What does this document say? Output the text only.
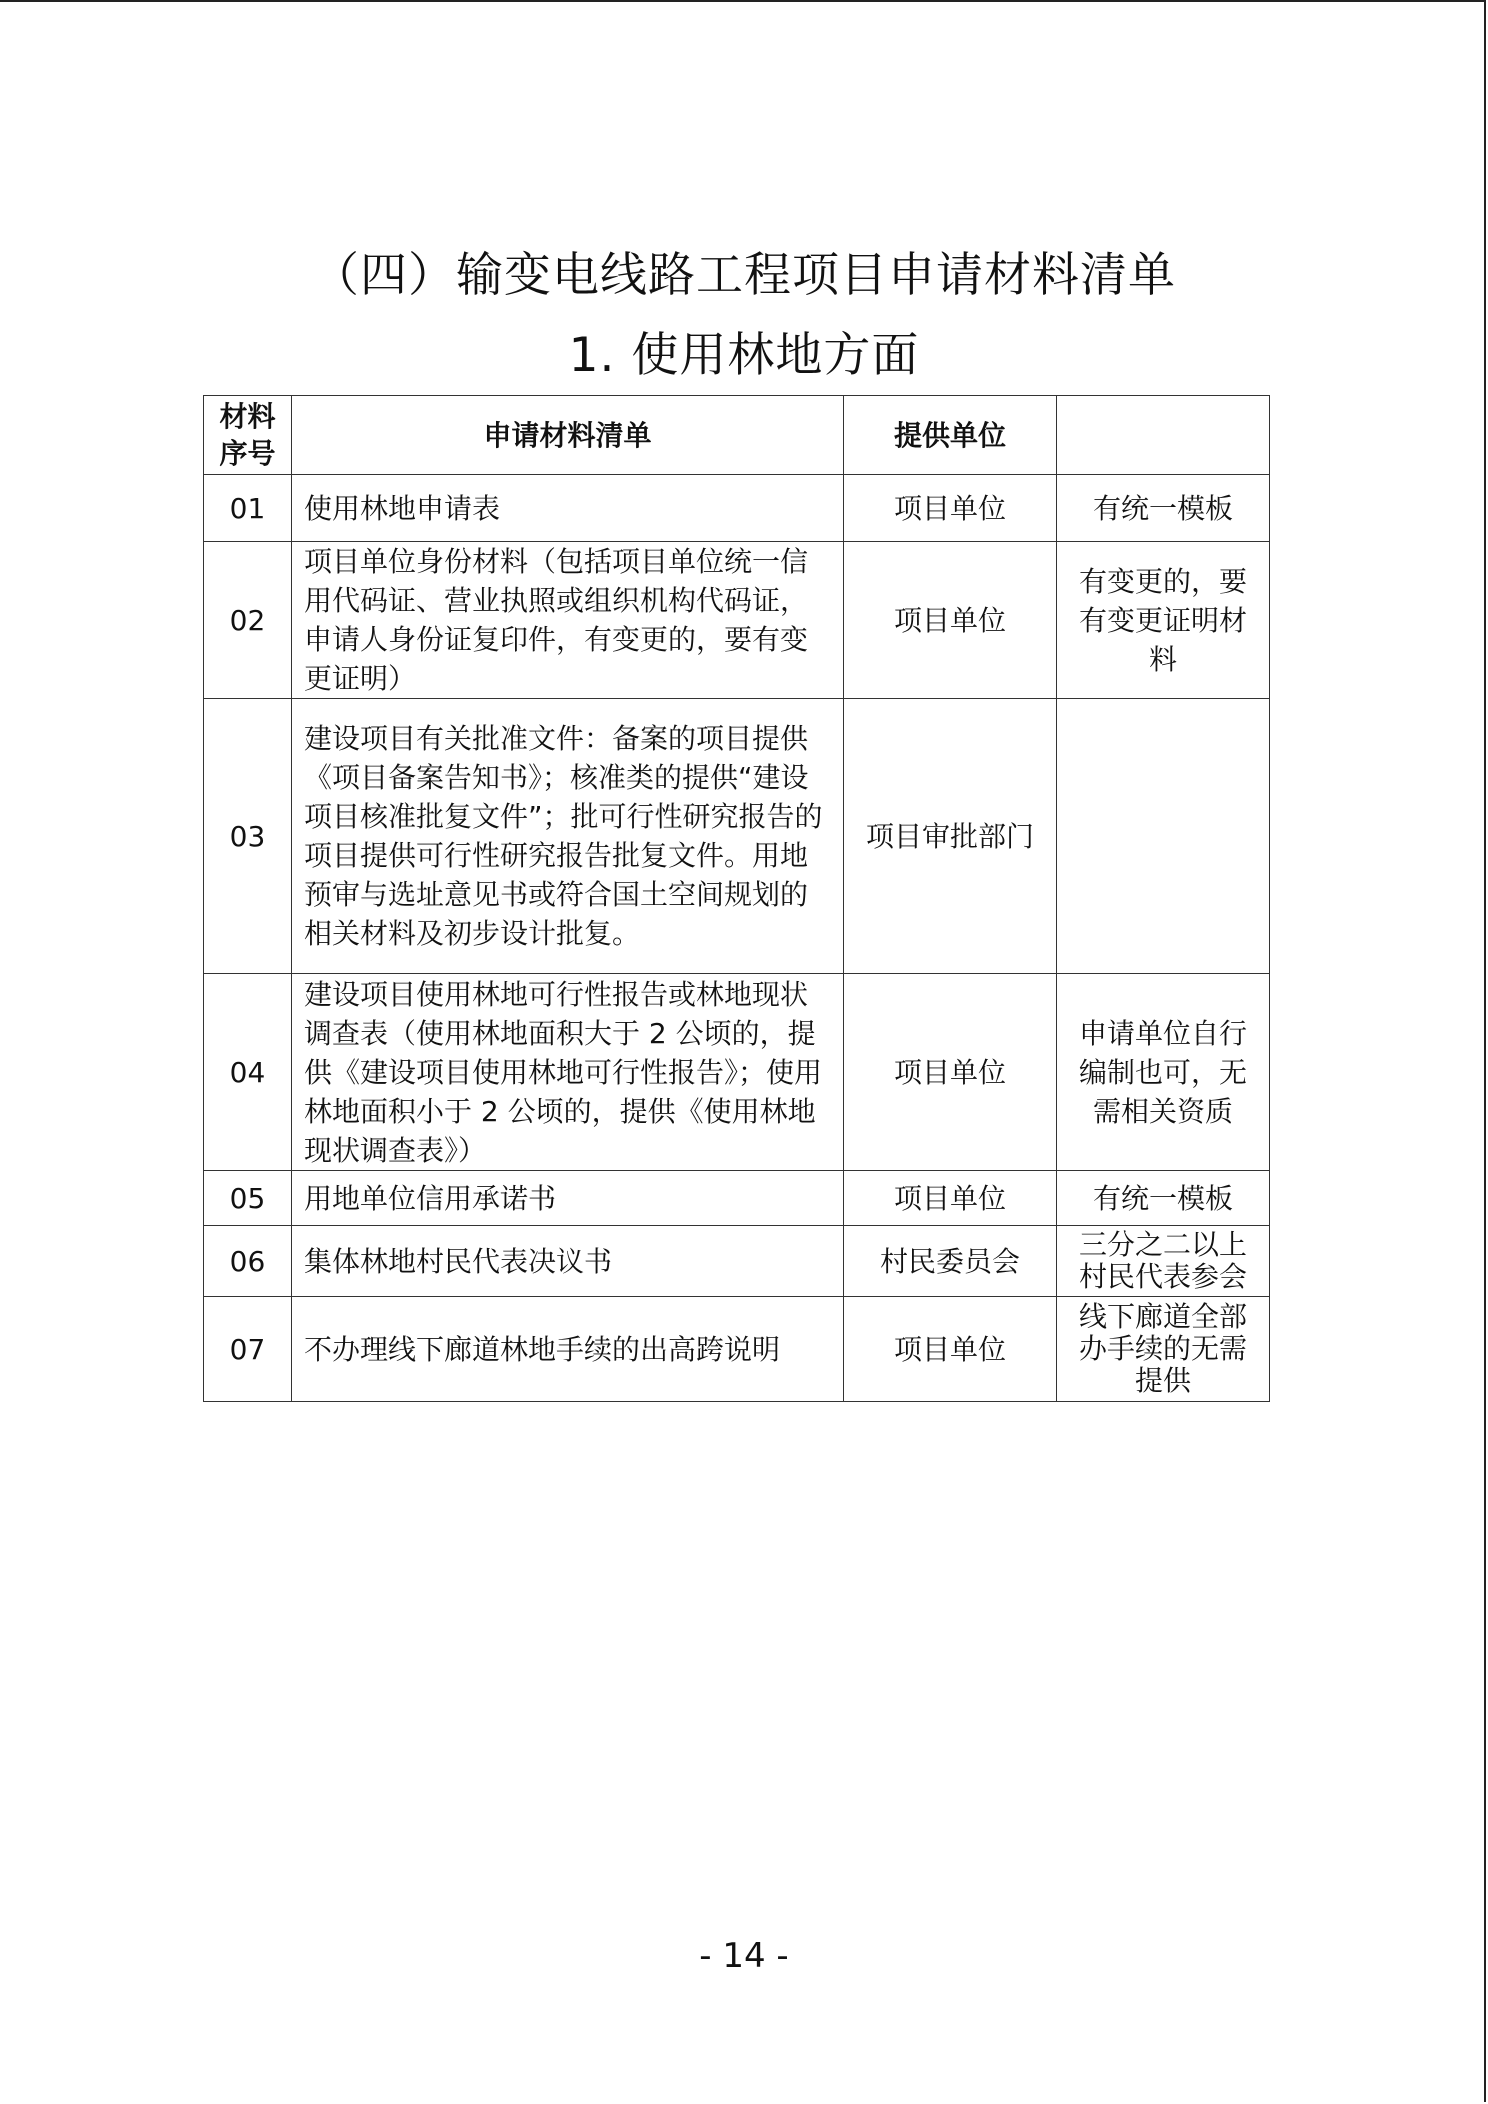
（四）输变电线路工程项目申请材料清单
1. 使用林地方面
材料序号	申请材料清单	提供单位	
01	使用林地申请表	项目单位	有统一模板
02	项目单位身份材料（包括项目单位统一信用代码证、营业执照或组织机构代码证，申请人身份证复印件，有变更的，要有变更证明）	项目单位	有变更的，要有变更证明材料
03	建设项目有关批准文件：备案的项目提供《项目备案告知书》；核准类的提供“建设项目核准批复文件”；批可行性研究报告的项目提供可行性研究报告批复文件。用地预审与选址意见书或符合国土空间规划的相关材料及初步设计批复。	项目审批部门	
04	建设项目使用林地可行性报告或林地现状调查表（使用林地面积大于 2 公顷的，提供《建设项目使用林地可行性报告》；使用林地面积小于 2 公顷的，提供《使用林地现状调查表》）	项目单位	申请单位自行编制也可，无需相关资质
05	用地单位信用承诺书	项目单位	有统一模板
06	集体林地村民代表决议书	村民委员会	三分之二以上村民代表参会
07	不办理线下廊道林地手续的出高跨说明	项目单位	线下廊道全部办手续的无需提供
- 14 -
